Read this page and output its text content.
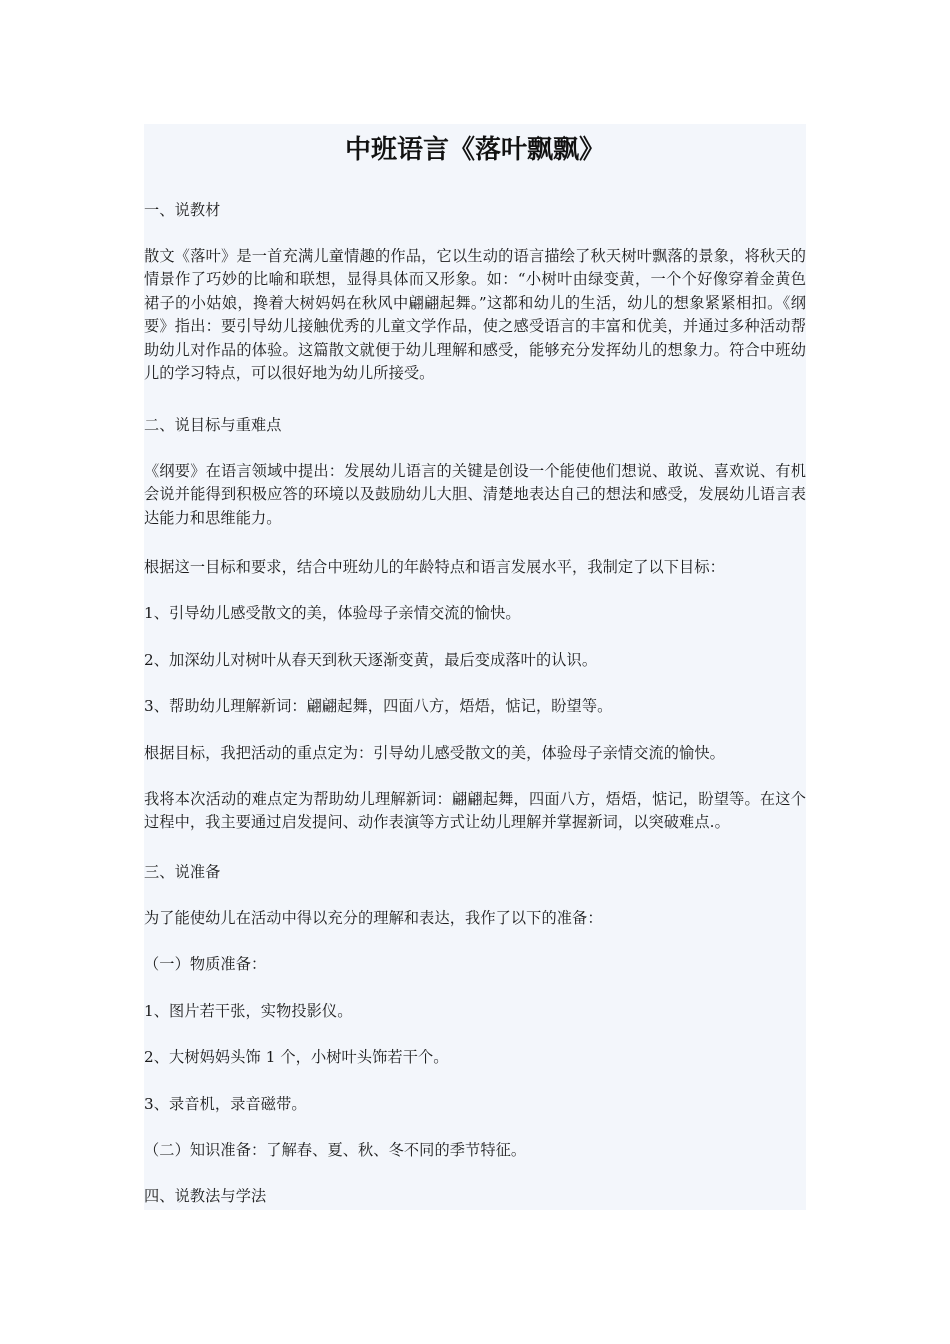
中班语言《落叶飘飘》

一、说教材

散文《落叶》是一首充满儿童情趣的作品，它以生动的语言描绘了秋天树叶飘落的景象，将秋天的情景作了巧妙的比喻和联想，显得具体而又形象。如：“小树叶由绿变黄，一个个好像穿着金黄色裙子的小姑娘，搀着大树妈妈在秋风中翩翩起舞。”这都和幼儿的生活，幼儿的想象紧紧相扣。《纲要》指出：要引导幼儿接触优秀的儿童文学作品，使之感受语言的丰富和优美，并通过多种活动帮助幼儿对作品的体验。这篇散文就便于幼儿理解和感受，能够充分发挥幼儿的想象力。符合中班幼儿的学习特点，可以很好地为幼儿所接受。

二、说目标与重难点

《纲要》在语言领域中提出：发展幼儿语言的关键是创设一个能使他们想说、敢说、喜欢说、有机会说并能得到积极应答的环境以及鼓励幼儿大胆、清楚地表达自己的想法和感受，发展幼儿语言表达能力和思维能力。

根据这一目标和要求，结合中班幼儿的年龄特点和语言发展水平，我制定了以下目标：

1、引导幼儿感受散文的美，体验母子亲情交流的愉快。

2、加深幼儿对树叶从春天到秋天逐渐变黄，最后变成落叶的认识。

3、帮助幼儿理解新词：翩翩起舞，四面八方，焐焐，惦记，盼望等。

根据目标，我把活动的重点定为：引导幼儿感受散文的美，体验母子亲情交流的愉快。

我将本次活动的难点定为帮助幼儿理解新词：翩翩起舞，四面八方，焐焐，惦记，盼望等。在这个过程中，我主要通过启发提问、动作表演等方式让幼儿理解并掌握新词，以突破难点.。

三、说准备

为了能使幼儿在活动中得以充分的理解和表达，我作了以下的准备：

（一）物质准备：

1、图片若干张，实物投影仪。

2、大树妈妈头饰 1 个，小树叶头饰若干个。

3、录音机，录音磁带。

（二）知识准备：了解春、夏、秋、冬不同的季节特征。

四、说教法与学法
